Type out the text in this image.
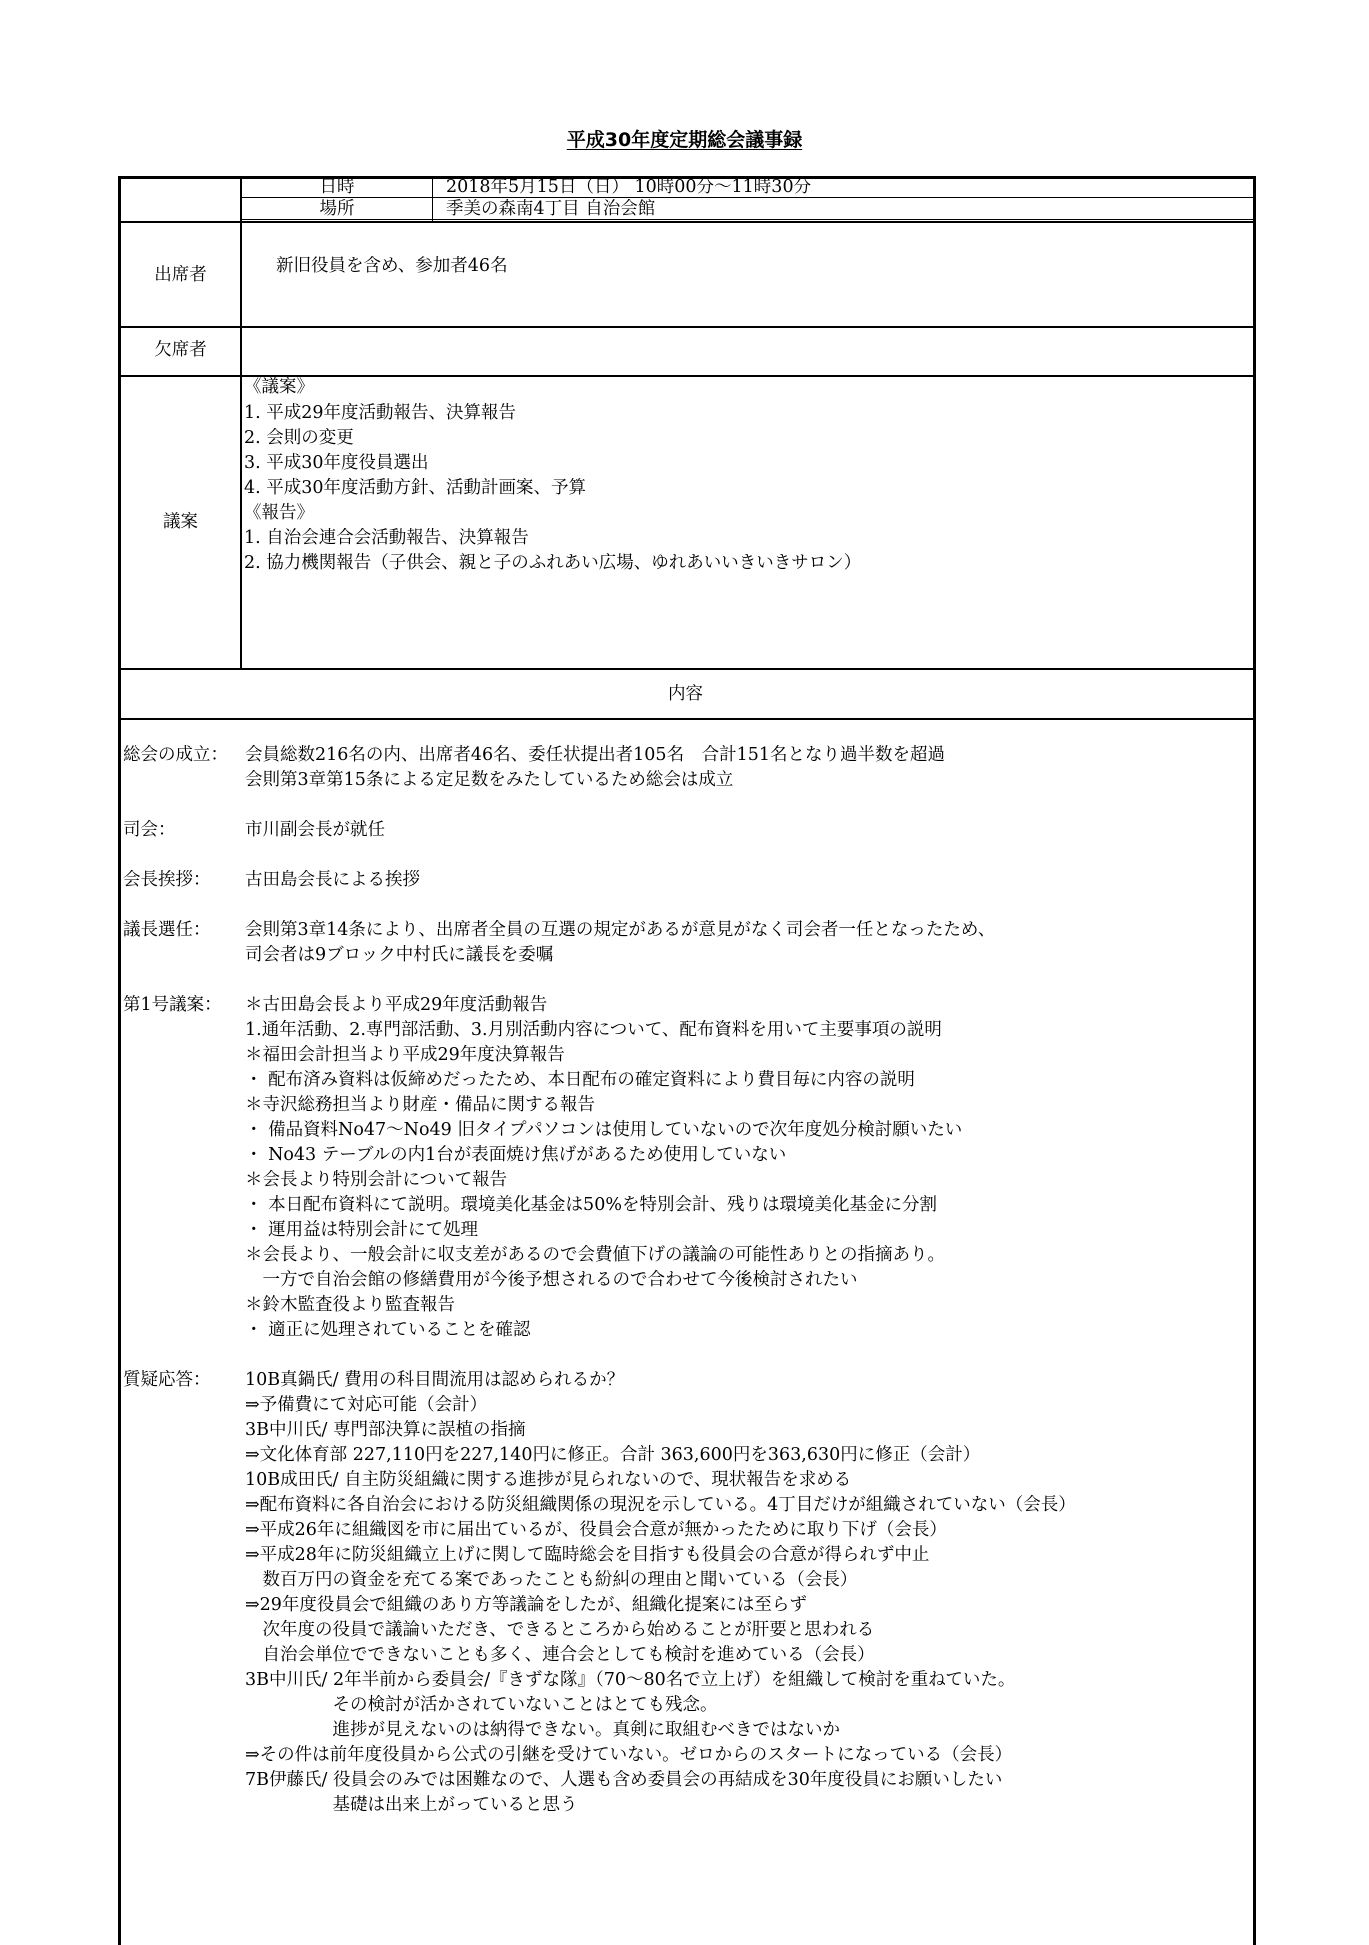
平成30年度定期総会議事録
日時	2018年5月15日（日） 10時00分～11時30分
場所	季美の森南4丁目 自治会館
出席者	新旧役員を含め、参加者46名
欠席者
議案
《議案》
1. 平成29年度活動報告、決算報告
2. 会則の変更
3. 平成30年度役員選出
4. 平成30年度活動方針、活動計画案、予算
《報告》
1. 自治会連合会活動報告、決算報告
2. 協力機関報告（子供会、親と子のふれあい広場、ゆれあいいきいきサロン）
内容
総会の成立： 会員総数216名の内、出席者46名、委任状提出者105名　合計151名となり過半数を超過
会則第3章第15条による定足数をみたしているため総会は成立
司会：	市川副会長が就任
会長挨拶： 古田島会長による挨拶
議長選任： 会則第3章14条により、出席者全員の互選の規定があるが意見がなく司会者一任となったため、
司会者は9ブロック中村氏に議長を委嘱
第1号議案： ＊古田島会長より平成29年度活動報告
1.通年活動、2.専門部活動、3.月別活動内容について、配布資料を用いて主要事項の説明
＊福田会計担当より平成29年度決算報告
・ 配布済み資料は仮締めだったため、本日配布の確定資料により費目毎に内容の説明
＊寺沢総務担当より財産・備品に関する報告
・ 備品資料No47～No49 旧タイプパソコンは使用していないので次年度処分検討願いたい
・ No43 テーブルの内1台が表面焼け焦げがあるため使用していない
＊会長より特別会計について報告
・ 本日配布資料にて説明。環境美化基金は50%を特別会計、残りは環境美化基金に分割
・ 運用益は特別会計にて処理
＊会長より、一般会計に収支差があるので会費値下げの議論の可能性ありとの指摘あり。
　一方で自治会館の修繕費用が今後予想されるので合わせて今後検討されたい
＊鈴木監査役より監査報告
・ 適正に処理されていることを確認
質疑応答： 10B真鍋氏/ 費用の科目間流用は認められるか？
⇒予備費にて対応可能（会計）
3B中川氏/ 専門部決算に誤植の指摘
⇒文化体育部 227,110円を227,140円に修正。合計 363,600円を363,630円に修正（会計）
10B成田氏/ 自主防災組織に関する進捗が見られないので、現状報告を求める
⇒配布資料に各自治会における防災組織関係の現況を示している。4丁目だけが組織されていない（会長）
⇒平成26年に組織図を市に届出ているが、役員会合意が無かったために取り下げ（会長）
⇒平成28年に防災組織立上げに関して臨時総会を目指すも役員会の合意が得られず中止
　数百万円の資金を充てる案であったことも紛糾の理由と聞いている（会長）
⇒29年度役員会で組織のあり方等議論をしたが、組織化提案には至らず
　次年度の役員で議論いただき、できるところから始めることが肝要と思われる
　自治会単位でできないことも多く、連合会としても検討を進めている（会長）
3B中川氏/ 2年半前から委員会/『きずな隊』（70～80名で立上げ）を組織して検討を重ねていた。
　　　　　その検討が活かされていないことはとても残念。
　　　　　進捗が見えないのは納得できない。真剣に取組むべきではないか
⇒その件は前年度役員から公式の引継を受けていない。ゼロからのスタートになっている（会長）
7B伊藤氏/ 役員会のみでは困難なので、人選も含め委員会の再結成を30年度役員にお願いしたい
　　　　　基礎は出来上がっていると思う
